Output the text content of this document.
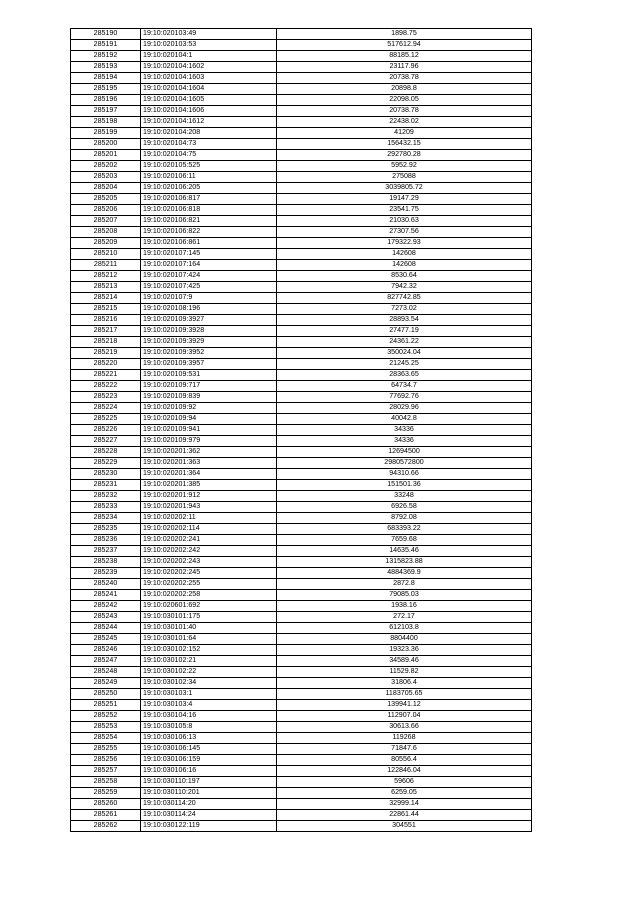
285190	19:10:020103:49	1898.75
285191	19:10:020103:53	517612.94
285192	19:10:020104:1	88185.12
285193	19:10:020104:1602	23117.96
285194	19:10:020104:1603	20738.78
285195	19:10:020104:1604	20898.8
285196	19:10:020104:1605	22098.05
285197	19:10:020104:1606	20738.78
285198	19:10:020104:1612	22438.02
285199	19:10:020104:208	41209
285200	19:10:020104:73	156432.15
285201	19:10:020104:75	292780.28
285202	19:10:020105:525	5952.92
285203	19:10:020106:11	275088
285204	19:10:020106:205	3039805.72
285205	19:10:020106:817	19147.29
285206	19:10:020106:818	23541.75
285207	19:10:020106:821	21030.63
285208	19:10:020106:822	27307.56
285209	19:10:020106:861	179322.93
285210	19:10:020107:145	142608
285211	19:10:020107:164	142608
285212	19:10:020107:424	8530.64
285213	19:10:020107:425	7942.32
285214	19:10:020107:9	827742.85
285215	19:10:020108:196	7273.02
285216	19:10:020109:3927	28893.54
285217	19:10:020109:3928	27477.19
285218	19:10:020109:3929	24361.22
285219	19:10:020109:3952	350024.04
285220	19:10:020109:3957	21245.25
285221	19:10:020109:531	28363.65
285222	19:10:020109:717	64734.7
285223	19:10:020109:839	77692.76
285224	19:10:020109:92	28029.96
285225	19:10:020109:94	40042.8
285226	19:10:020109:941	34336
285227	19:10:020109:979	34336
285228	19:10:020201:362	12694500
285229	19:10:020201:363	2980572800
285230	19:10:020201:364	94310.66
285231	19:10:020201:385	151501.36
285232	19:10:020201:912	33248
285233	19:10:020201:943	6926.58
285234	19:10:020202:11	8792.08
285235	19:10:020202:114	683393.22
285236	19:10:020202:241	7659.68
285237	19:10:020202:242	14635.46
285238	19:10:020202:243	1315823.88
285239	19:10:020202:245	4884369.9
285240	19:10:020202:255	2872.8
285241	19:10:020202:258	79085.03
285242	19:10:020601:692	1938.16
285243	19:10:030101:175	272.17
285244	19:10:030101:40	612103.8
285245	19:10:030101:64	8804400
285246	19:10:030102:152	19323.36
285247	19:10:030102:21	34589.46
285248	19:10:030102:22	11529.82
285249	19:10:030102:34	31806.4
285250	19:10:030103:1	1183705.65
285251	19:10:030103:4	139941.12
285252	19:10:030104:16	112907.04
285253	19:10:030105:8	30613.66
285254	19:10:030106:13	119268
285255	19:10:030106:145	71847.6
285256	19:10:030106:159	80556.4
285257	19:10:030106:16	122846.04
285258	19:10:030110:197	59606
285259	19:10:030110:201	6259.05
285260	19:10:030114:20	32999.14
285261	19:10:030114:24	22861.44
285262	19:10:030122:119	304551
